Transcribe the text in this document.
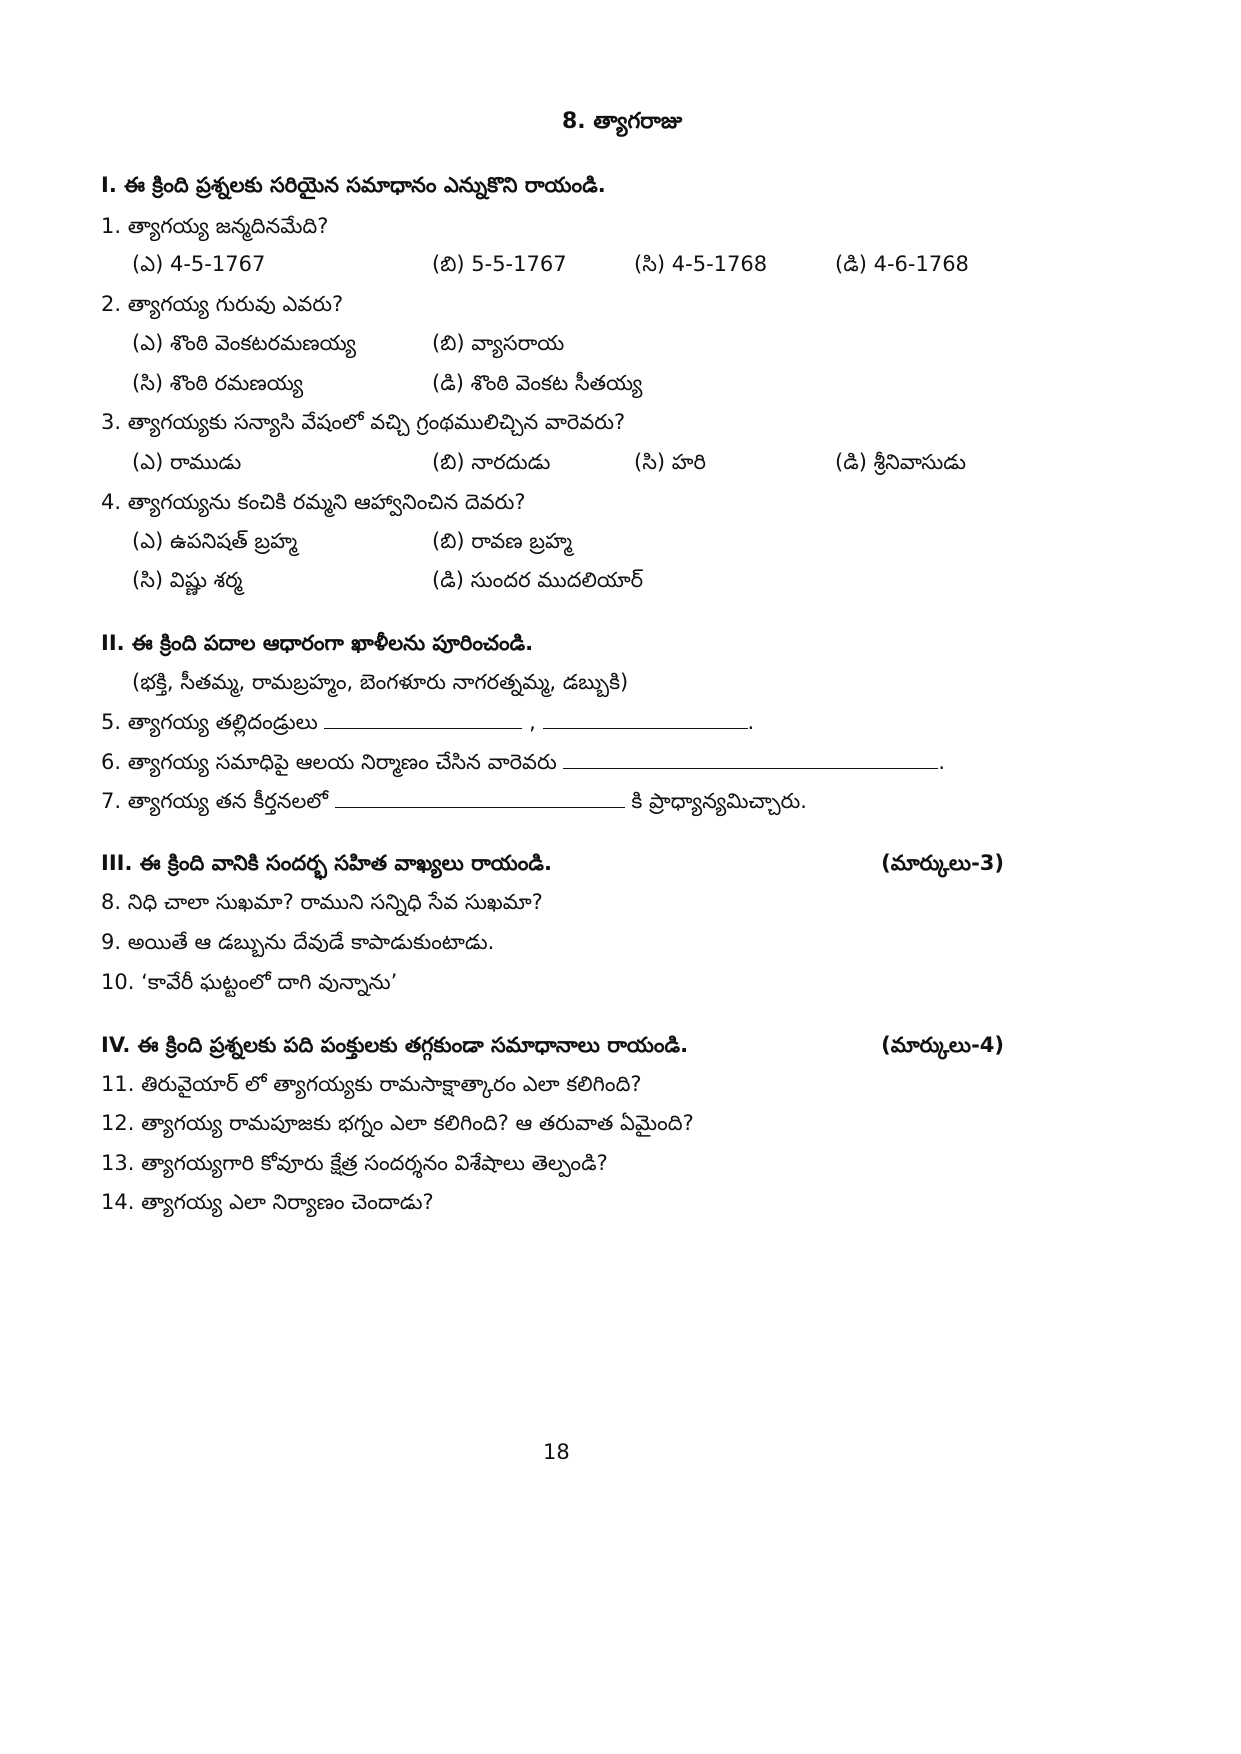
8. త్యాగరాజు
I. ఈ క్రింది ప్రశ్నలకు సరియైన సమాధానం ఎన్నుకొని రాయండి.
1. త్యాగయ్య జన్మదినమేది?
(ఎ) 4-5-1767	(బి) 5-5-1767	(సి) 4-5-1768	(డి) 4-6-1768
2. త్యాగయ్య గురువు ఎవరు?
(ఎ) శొంఠి వెంకటరమణయ్య	(బి) వ్యాసరాయ
(సి) శొంఠి రమణయ్య	(డి) శొంఠి వెంకట సీతయ్య
3. త్యాగయ్యకు సన్యాసి వేషంలో వచ్చి గ్రంథములిచ్చిన వారెవరు?
(ఎ) రాముడు	(బి) నారదుడు	(సి) హరి	(డి) శ్రీనివాసుడు
4. త్యాగయ్యను కంచికి రమ్మని ఆహ్వానించిన దెవరు?
(ఎ) ఉపనిషత్ బ్రహ్మ	(బి) రావణ బ్రహ్మ
(సి) విష్ణు శర్మ	(డి) సుందర ముదలియార్
II. ఈ క్రింది పదాల ఆధారంగా ఖాళీలను పూరించండి.
(భక్తి, సీతమ్మ, రామబ్రహ్మం, బెంగళూరు నాగరత్నమ్మ, డబ్బుకి)
5. త్యాగయ్య తల్లిదండ్రులు	,	.
6. త్యాగయ్య సమాధిపై ఆలయ నిర్మాణం చేసిన వారెవరు	.
7. త్యాగయ్య తన కీర్తనలలో	కి ప్రాధ్యాన్యమిచ్చారు.
III. ఈ క్రింది వానికి సందర్భ సహిత వాఖ్యలు రాయండి.	(మార్కులు-3)
8. నిధి చాలా సుఖమా? రాముని సన్నిధి సేవ సుఖమా?
9. అయితే ఆ డబ్బును దేవుడే కాపాడుకుంటాడు.
10. ‘కావేరీ ఘట్టంలో దాగి వున్నాను’
IV. ఈ క్రింది ప్రశ్నలకు పది పంక్తులకు తగ్గకుండా సమాధానాలు రాయండి.	(మార్కులు-4)
11. తిరువైయార్ లో త్యాగయ్యకు రామసాక్షాత్కారం ఎలా కలిగింది?
12. త్యాగయ్య రామపూజకు భగ్నం ఎలా కలిగింది? ఆ తరువాత ఏమైంది?
13. త్యాగయ్యగారి కోవూరు క్షేత్ర సందర్శనం విశేషాలు తెల్పండి?
14. త్యాగయ్య ఎలా నిర్యాణం చెందాడు?
18
